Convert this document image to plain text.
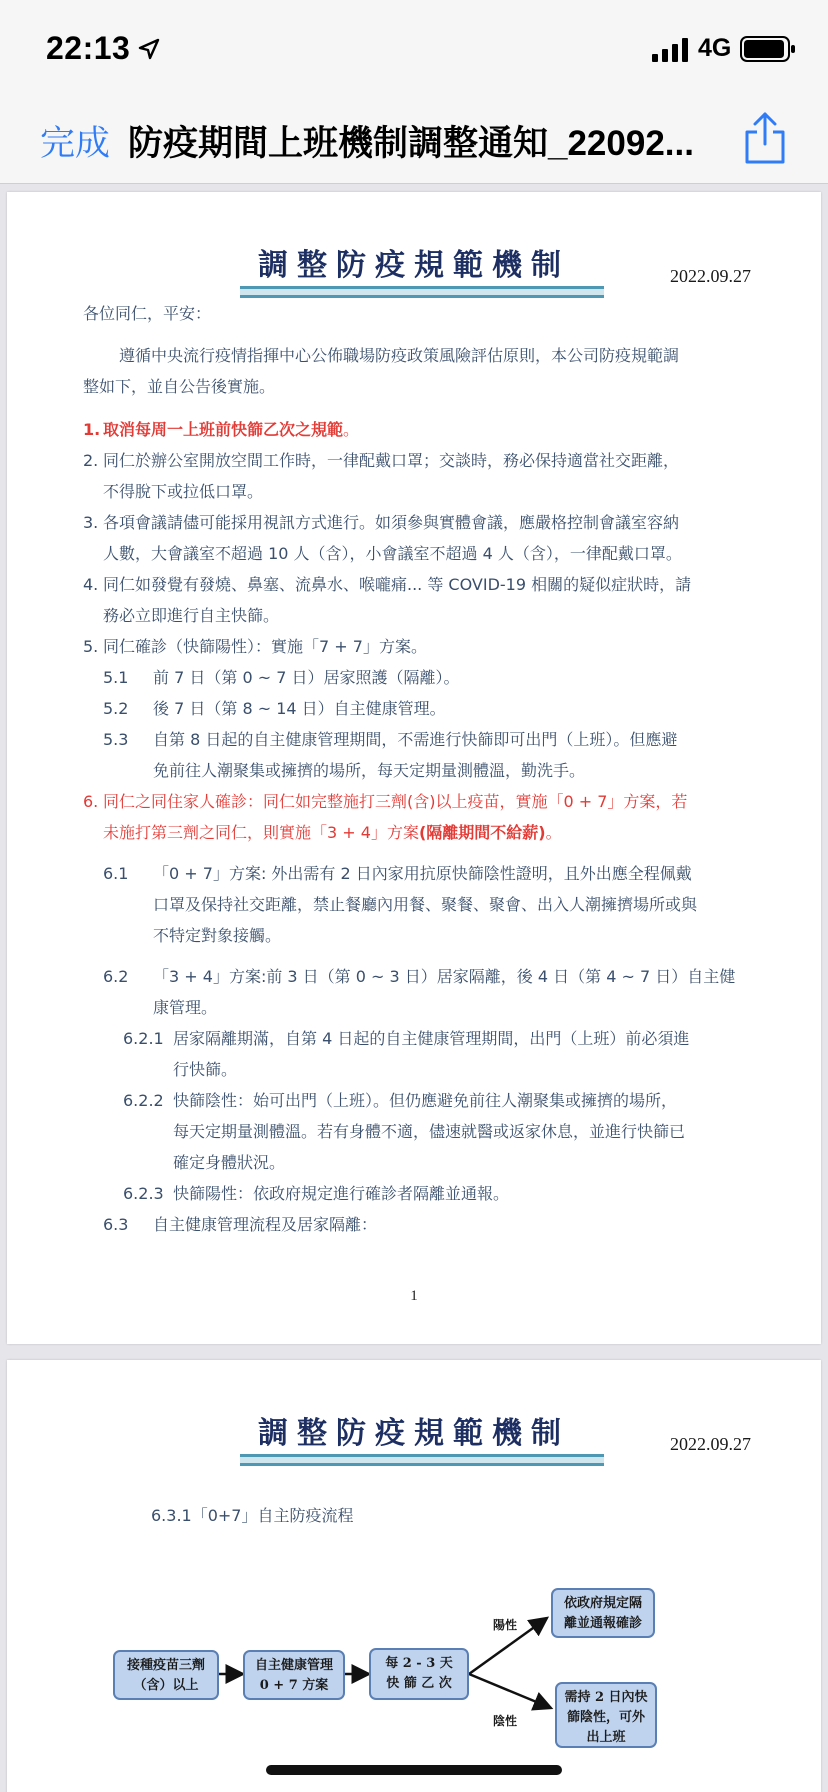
22:13	4G
完成 防疫期間上班機制調整通知_22092...
調整防疫規範機制	2022.09.27
各位同仁，平安：
遵循中央流行疫情指揮中心公佈職場防疫政策風險評估原則，本公司防疫規範調
整如下，並自公告後實施。
1. 取消每周一上班前快篩乙次之規範。
2. 同仁於辦公室開放空間工作時，一律配戴口罩；交談時，務必保持適當社交距離，
不得脫下或拉低口罩。
3. 各項會議請儘可能採用視訊方式進行。如須參與實體會議，應嚴格控制會議室容納
人數，大會議室不超過 10 人（含），小會議室不超過 4 人（含），一律配戴口罩。
4. 同仁如發覺有發燒、鼻塞、流鼻水、喉嚨痛... 等 COVID-19 相關的疑似症狀時，請
務必立即進行自主快篩。
5. 同仁確診（快篩陽性）：實施「7 + 7」方案。
5.1 前 7 日（第 0 ~ 7 日）居家照護（隔離）。
5.2 後 7 日（第 8 ~ 14 日）自主健康管理。
5.3 自第 8 日起的自主健康管理期間，不需進行快篩即可出門（上班）。但應避
免前往人潮聚集或擁擠的場所，每天定期量測體溫，勤洗手。
6. 同仁之同住家人確診：同仁如完整施打三劑(含)以上疫苗，實施「0 + 7」方案，若
未施打第三劑之同仁，則實施「3 + 4」方案(隔離期間不給薪)。
6.1 「0 + 7」方案: 外出需有 2 日內家用抗原快篩陰性證明，且外出應全程佩戴
口罩及保持社交距離，禁止餐廳內用餐、聚餐、聚會、出入人潮擁擠場所或與
不特定對象接觸。
6.2 「3 + 4」方案:前 3 日（第 0 ~ 3 日）居家隔離，後 4 日（第 4 ~ 7 日）自主健
康管理。
6.2.1 居家隔離期滿，自第 4 日起的自主健康管理期間，出門（上班）前必須進
行快篩。
6.2.2 快篩陰性：始可出門（上班）。但仍應避免前往人潮聚集或擁擠的場所，
每天定期量測體溫。若有身體不適，儘速就醫或返家休息，並進行快篩已
確定身體狀況。
6.2.3 快篩陽性：依政府規定進行確診者隔離並通報。
6.3 自主健康管理流程及居家隔離：
1
調整防疫規範機制	2022.09.27
6.3.1「0+7」自主防疫流程
接種疫苗三劑
（含）以上
自主健康管理
0 + 7 方案
每 2 - 3 天
快 篩 乙 次
陽性
陰性
依政府規定隔
離並通報確診
需持 2 日內快
篩陰性，可外
出上班
